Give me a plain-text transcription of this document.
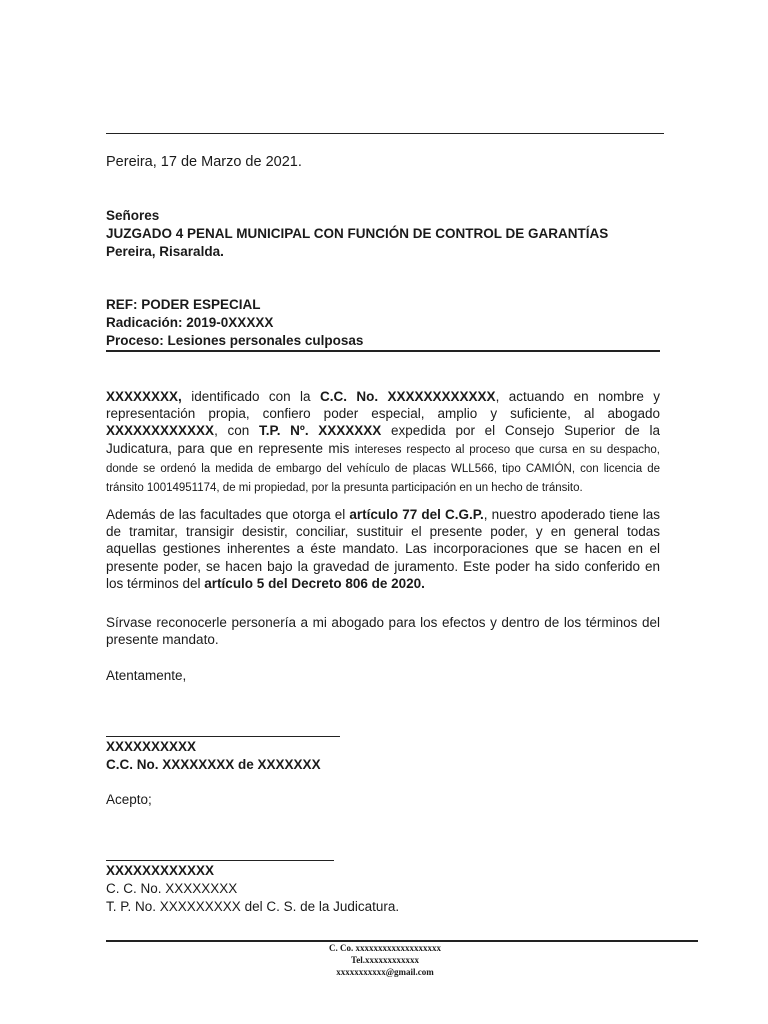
Pereira, 17 de Marzo de 2021.
Señores
JUZGADO 4 PENAL MUNICIPAL CON FUNCIÓN DE CONTROL DE GARANTÍAS
Pereira, Risaralda.
REF: PODER ESPECIAL
Radicación: 2019-0XXXXX
Proceso: Lesiones personales culposas
XXXXXXXX, identificado con la C.C. No. XXXXXXXXXXXX, actuando en nombre y representación propia, confiero poder especial, amplio y suficiente, al abogado XXXXXXXXXXXX, con T.P. Nº. XXXXXXX expedida por el Consejo Superior de la Judicatura, para que en represente mis intereses respecto al proceso que cursa en su despacho, donde se ordenó la medida de embargo del vehículo de placas WLL566, tipo CAMIÓN, con licencia de tránsito 10014951174, de mi propiedad, por la presunta participación en un hecho de tránsito.
Además de las facultades que otorga el artículo 77 del C.G.P., nuestro apoderado tiene las de tramitar, transigir desistir, conciliar, sustituir el presente poder, y en general todas aquellas gestiones inherentes a éste mandato. Las incorporaciones que se hacen en el presente poder, se hacen bajo la gravedad de juramento. Este poder ha sido conferido en los términos del artículo 5 del Decreto 806 de 2020.
Sírvase reconocerle personería a mi abogado para los efectos y dentro de los términos del presente mandato.
Atentamente,
XXXXXXXXXX
C.C. No. XXXXXXXX de XXXXXXX
Acepto;
XXXXXXXXXXXX
C. C. No. XXXXXXXX
T. P. No. XXXXXXXXX del C. S. de la Judicatura.
C. Co. xxxxxxxxxxxxxxxxxxx
Tel.xxxxxxxxxxxx
xxxxxxxxxxx@gmail.com
